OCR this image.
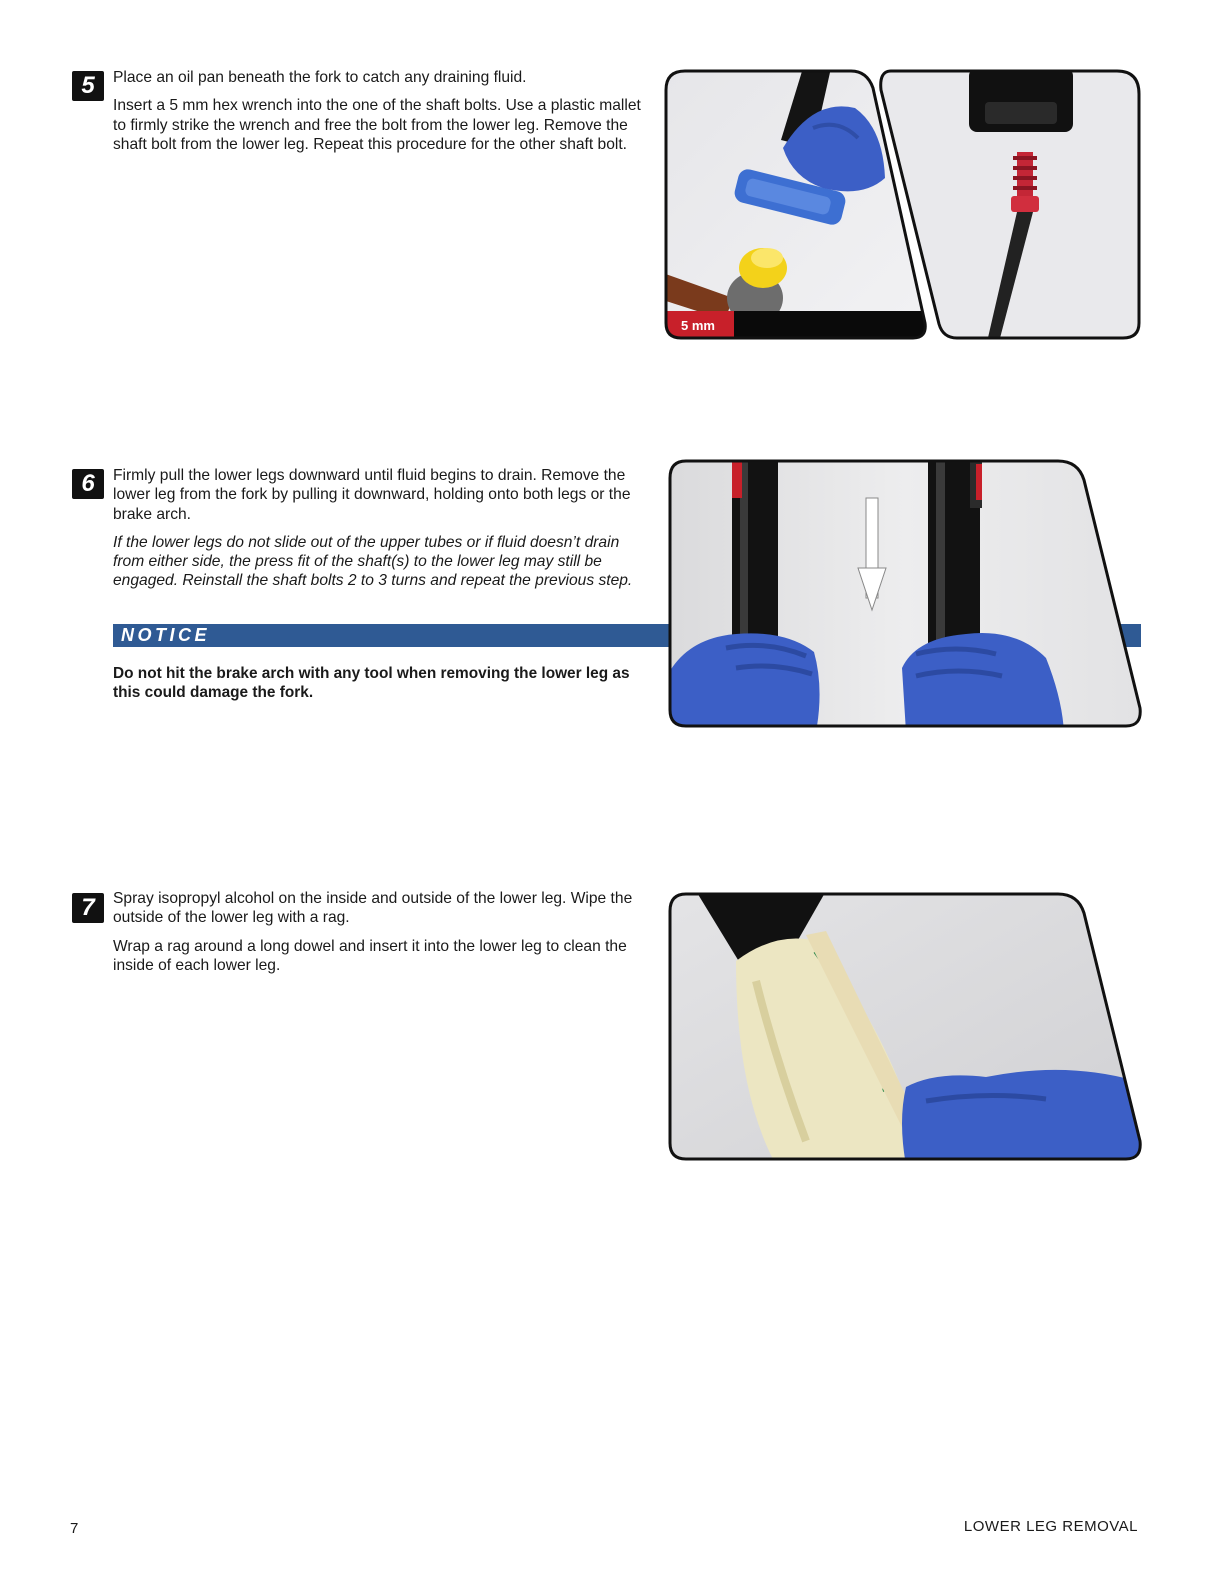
5	Place an oil pan beneath the fork to catch any draining fluid.

Insert a 5 mm hex wrench into the one of the shaft bolts. Use a plastic mallet to firmly strike the wrench and free the bolt from the lower leg. Remove the shaft bolt from the lower leg. Repeat this procedure for the other shaft bolt.

5 mm
6	Firmly pull the lower legs downward until fluid begins to drain. Remove the lower leg from the fork by pulling it downward, holding onto both legs or the brake arch.

If the lower legs do not slide out of the upper tubes or if fluid doesn’t drain from either side, the press fit of the shaft(s) to the lower leg may still be engaged. Reinstall the shaft bolts 2 to 3 turns and repeat the previous step.

NOTICE
Do not hit the brake arch with any tool when removing the lower leg as this could damage the fork.
7	Spray isopropyl alcohol on the inside and outside of the lower leg. Wipe the outside of the lower leg with a rag.

Wrap a rag around a long dowel and insert it into the lower leg to clean the inside of each lower leg.

7	LOWER LEG REMOVAL
